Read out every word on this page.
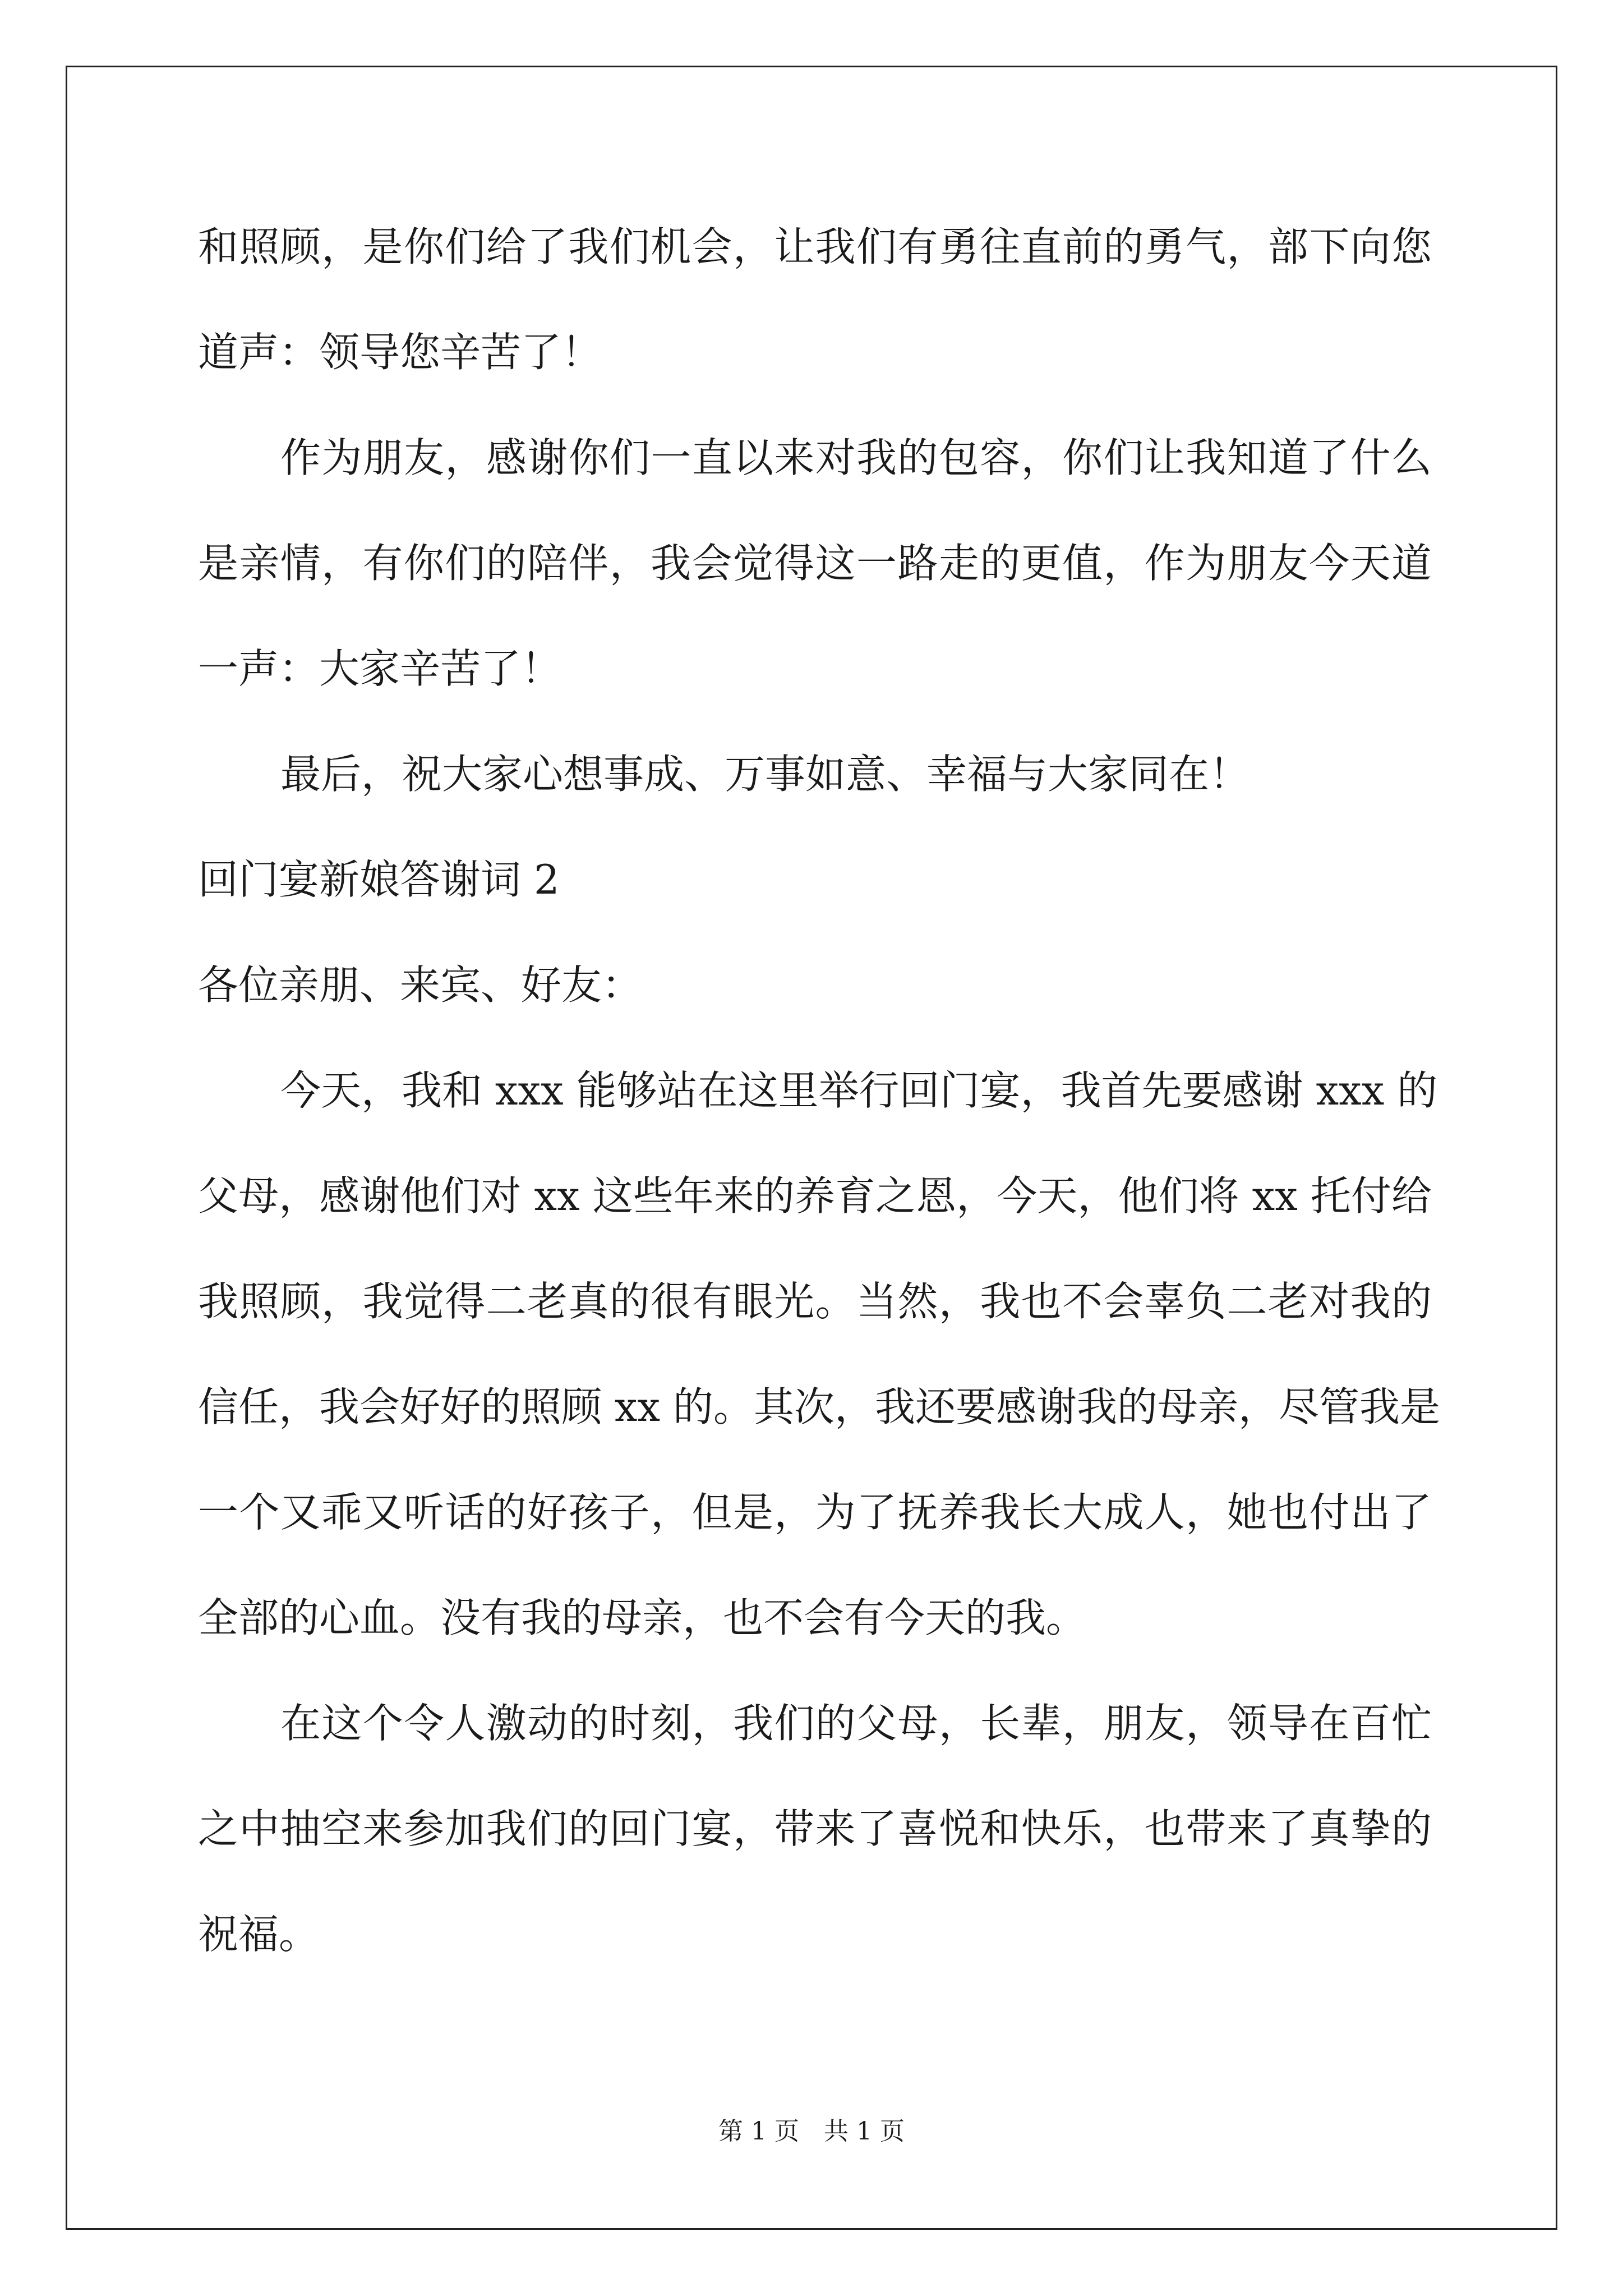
和照顾，是你们给了我们机会，让我们有勇往直前的勇气，部下向您
道声：领导您辛苦了！
作为朋友，感谢你们一直以来对我的包容，你们让我知道了什么
是亲情，有你们的陪伴，我会觉得这一路走的更值，作为朋友今天道
一声：大家辛苦了！
最后，祝大家心想事成、万事如意、幸福与大家同在！
回门宴新娘答谢词 2
各位亲朋、来宾、好友：
今天，我和 xxx 能够站在这里举行回门宴，我首先要感谢 xxx 的
父母，感谢他们对 xx 这些年来的养育之恩，今天，他们将 xx 托付给
我照顾，我觉得二老真的很有眼光。当然，我也不会辜负二老对我的
信任，我会好好的照顾 xx 的。其次，我还要感谢我的母亲，尽管我是
一个又乖又听话的好孩子，但是，为了抚养我长大成人，她也付出了
全部的心血。没有我的母亲，也不会有今天的我。
在这个令人激动的时刻，我们的父母，长辈，朋友，领导在百忙
之中抽空来参加我们的回门宴，带来了喜悦和快乐，也带来了真挚的
祝福。
第 1 页　共 1 页
